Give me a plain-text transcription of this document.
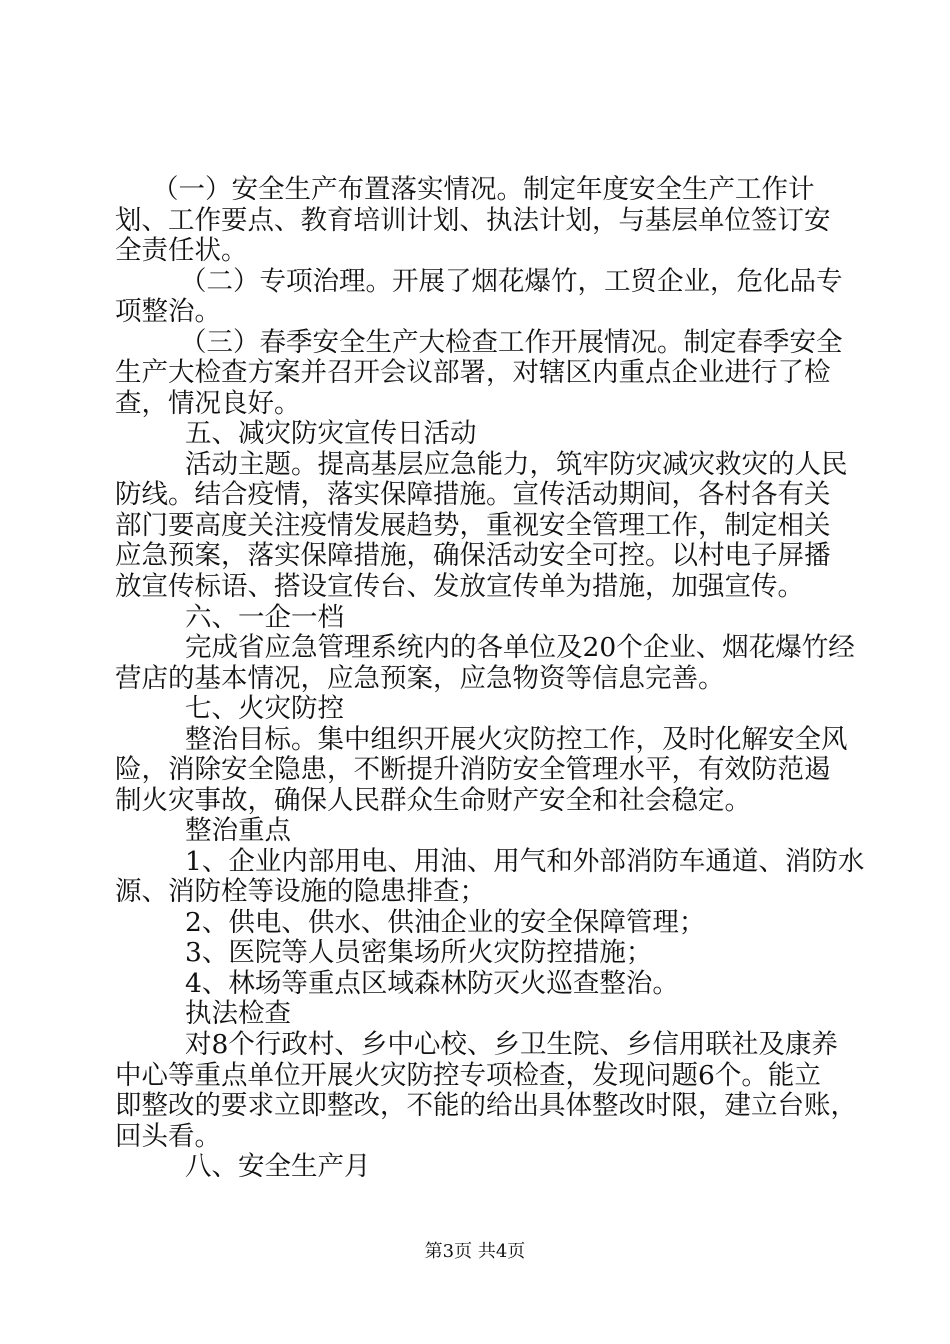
（一）安全生产布置落实情况。制定年度安全生产工作计
划、工作要点、教育培训计划、执法计划，与基层单位签订安
全责任状。
（二）专项治理。开展了烟花爆竹，工贸企业，危化品专
项整治。
（三）春季安全生产大检查工作开展情况。制定春季安全
生产大检查方案并召开会议部署，对辖区内重点企业进行了检
查，情况良好。
五、减灾防灾宣传日活动
活动主题。提高基层应急能力，筑牢防灾减灾救灾的人民
防线。结合疫情，落实保障措施。宣传活动期间，各村各有关
部门要高度关注疫情发展趋势，重视安全管理工作，制定相关
应急预案，落实保障措施，确保活动安全可控。以村电子屏播
放宣传标语、搭设宣传台、发放宣传单为措施，加强宣传。
六、一企一档
完成省应急管理系统内的各单位及20个企业、烟花爆竹经
营店的基本情况，应急预案，应急物资等信息完善。
七、火灾防控
整治目标。集中组织开展火灾防控工作，及时化解安全风
险，消除安全隐患，不断提升消防安全管理水平，有效防范遏
制火灾事故，确保人民群众生命财产安全和社会稳定。
整治重点
1、企业内部用电、用油、用气和外部消防车通道、消防水
源、消防栓等设施的隐患排查；
2、供电、供水、供油企业的安全保障管理；
3、医院等人员密集场所火灾防控措施；
4、林场等重点区域森林防灭火巡查整治。
执法检查
对8个行政村、乡中心校、乡卫生院、乡信用联社及康养
中心等重点单位开展火灾防控专项检查，发现问题6个。能立
即整改的要求立即整改，不能的给出具体整改时限，建立台账，
回头看。
八、安全生产月
第3页 共4页
